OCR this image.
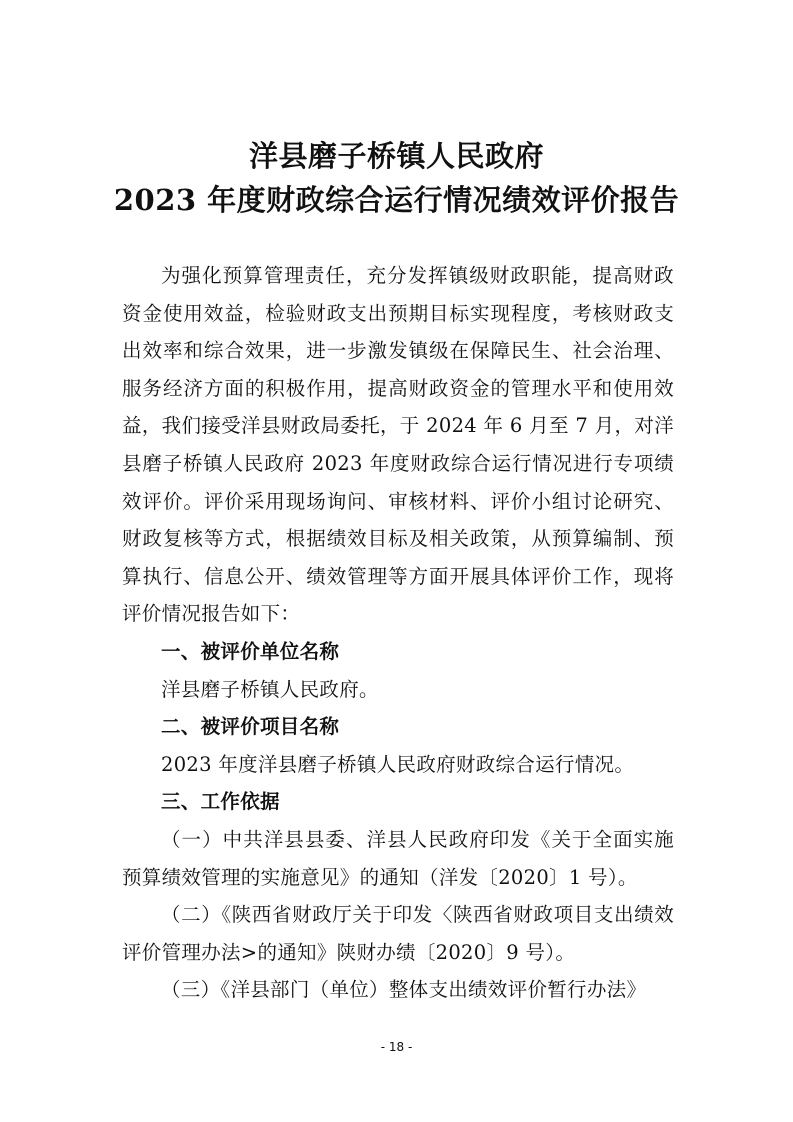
洋县磨子桥镇人民政府
2023 年度财政综合运行情况绩效评价报告

为强化预算管理责任，充分发挥镇级财政职能，提高财政资金使用效益，检验财政支出预期目标实现程度，考核财政支出效率和综合效果，进一步激发镇级在保障民生、社会治理、服务经济方面的积极作用，提高财政资金的管理水平和使用效益，我们接受洋县财政局委托，于 2024 年 6 月至 7 月，对洋县磨子桥镇人民政府 2023 年度财政综合运行情况进行专项绩效评价。评价采用现场询问、审核材料、评价小组讨论研究、财政复核等方式，根据绩效目标及相关政策，从预算编制、预算执行、信息公开、绩效管理等方面开展具体评价工作，现将评价情况报告如下：

一、被评价单位名称

洋县磨子桥镇人民政府。

二、被评价项目名称

2023 年度洋县磨子桥镇人民政府财政综合运行情况。

三、工作依据

（一）中共洋县县委、洋县人民政府印发《关于全面实施预算绩效管理的实施意见》的通知（洋发〔2020〕1 号）。

（二）《陕西省财政厅关于印发〈陕西省财政项目支出绩效评价管理办法>的通知》陕财办绩〔2020〕9 号）。

（三）《洋县部门（单位）整体支出绩效评价暂行办法》

- 18 -
